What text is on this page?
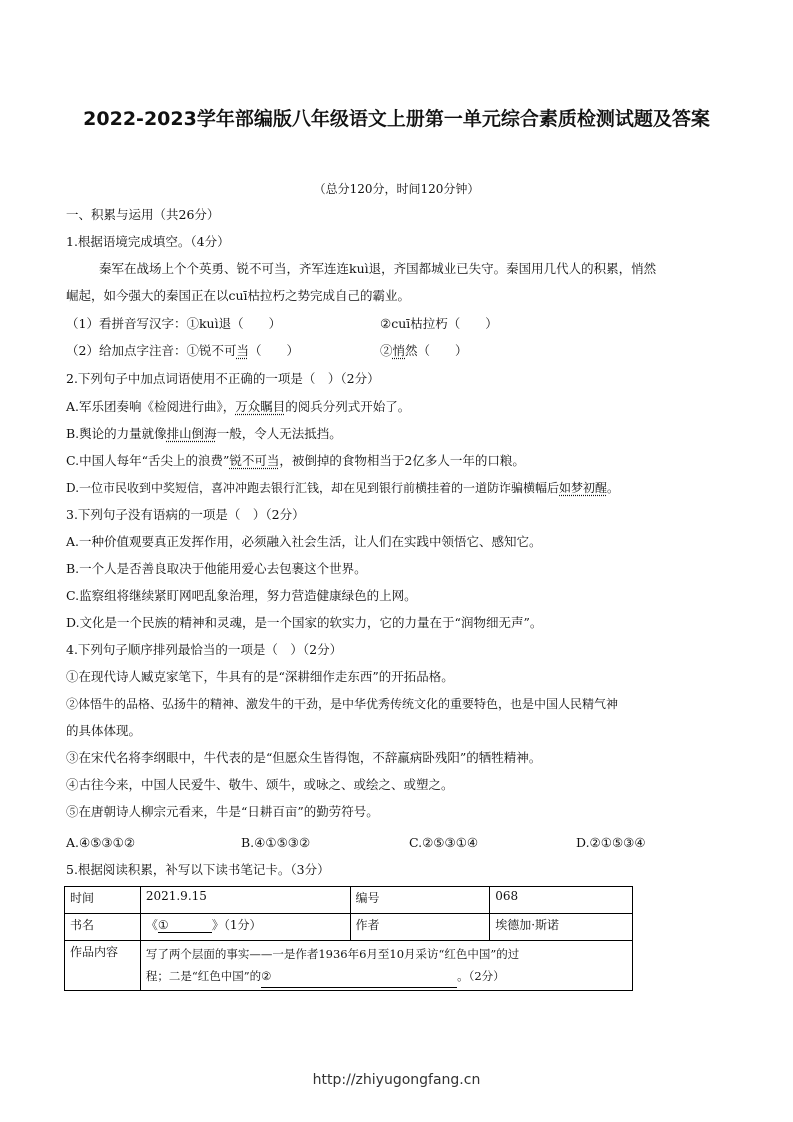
2022-2023学年部编版八年级语文上册第一单元综合素质检测试题及答案
（总分120分，时间120分钟）
一、积累与运用（共26分）
1.根据语境完成填空。（4分）
秦军在战场上个个英勇、锐不可当，齐军连连kuì退，齐国都城业已失守。秦国用几代人的积累，悄然
崛起，如今强大的秦国正在以cuī枯拉朽之势完成自己的霸业。
（1）看拼音写汉字：①kuì退（　　）	②cuī枯拉朽（　　）
（2）给加点字注音：①锐不可当（　　）	②悄然（　　）
2.下列句子中加点词语使用不正确的一项是（　）（2分）
A.军乐团奏响《检阅进行曲》，万众瞩目的阅兵分列式开始了。
B.舆论的力量就像排山倒海一般，令人无法抵挡。
C.中国人每年“舌尖上的浪费”锐不可当，被倒掉的食物相当于2亿多人一年的口粮。
D.一位市民收到中奖短信，喜冲冲跑去银行汇钱，却在见到银行前横挂着的一道防诈骗横幅后如梦初醒。
3.下列句子没有语病的一项是（　）（2分）
A.一种价值观要真正发挥作用，必须融入社会生活，让人们在实践中领悟它、感知它。
B.一个人是否善良取决于他能用爱心去包裹这个世界。
C.监察组将继续紧盯网吧乱象治理，努力营造健康绿色的上网。
D.文化是一个民族的精神和灵魂，是一个国家的软实力，它的力量在于“润物细无声”。
4.下列句子顺序排列最恰当的一项是（　）（2分）
①在现代诗人臧克家笔下，牛具有的是“深耕细作走东西”的开拓品格。
②体悟牛的品格、弘扬牛的精神、激发牛的干劲，是中华优秀传统文化的重要特色，也是中国人民精气神
的具体体现。
③在宋代名将李纲眼中，牛代表的是“但愿众生皆得饱，不辞羸病卧残阳”的牺牲精神。
④古往今来，中国人民爱牛、敬牛、颂牛，或咏之、或绘之、或塑之。
⑤在唐朝诗人柳宗元看来，牛是“日耕百亩”的勤劳符号。
A.④⑤③①②	B.④①⑤③②	C.②⑤③①④	D.②①⑤③④
5.根据阅读积累，补写以下读书笔记卡。（3分）
时间	2021.9.15	编号	068
书名	《① 》（1分）	作者	埃德加·斯诺
作品内容	写了两个层面的事实——一是作者1936年6月至10月采访“红色中国”的过
程；二是“红色中国”的② 。（2分）		
http://zhiyugongfang.cn
